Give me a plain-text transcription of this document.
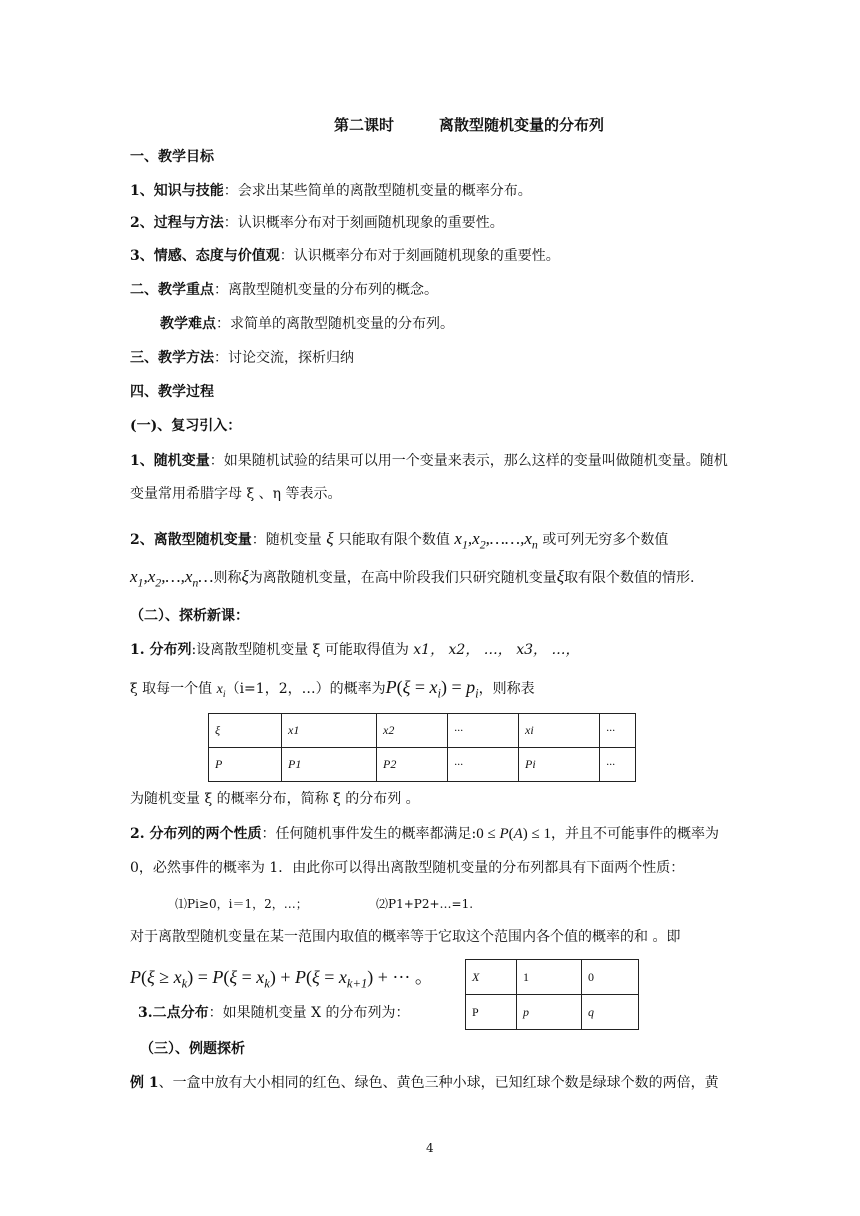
第二课时	离散型随机变量的分布列
一、教学目标
1、知识与技能：会求出某些简单的离散型随机变量的概率分布。
2、过程与方法：认识概率分布对于刻画随机现象的重要性。
3、情感、态度与价值观：认识概率分布对于刻画随机现象的重要性。
二、教学重点：离散型随机变量的分布列的概念。
教学难点：求简单的离散型随机变量的分布列。
三、教学方法：讨论交流，探析归纳
四、教学过程
(一)、复习引入：
1、随机变量：如果随机试验的结果可以用一个变量来表示，那么这样的变量叫做随机变量。随机
变量常用希腊字母 ξ 、η 等表示。
2、离散型随机变量：随机变量 ξ 只能取有限个数值 $x_1,x_2,\dots\dots,x_n$ 或可列无穷多个数值
$x_1,x_2,\dots,x_n\dots$则称ξ为离散随机变量，在高中阶段我们只研究随机变量ξ取有限个数值的情形.
（二）、探析新课：
1. 分布列:设离散型随机变量 ξ 可能取得值为 x1， x2， …， x3， …，
ξ 取每一个值 $x_i(i=1$，2，…）的概率为$P(\xi = x_i) = p_i$，则称表
ξ	x1	x2	···	xi	···
P	P1	P2	···	Pi	···
为随机变量 ξ 的概率分布，简称 ξ 的分布列 。
2. 分布列的两个性质：任何随机事件发生的概率都满足:0 ≤ P(A) ≤ 1，并且不可能事件的概率为
0，必然事件的概率为 1．由此你可以得出离散型随机变量的分布列都具有下面两个性质：
⑴Pi≥0，i＝1，2，…；	⑵P1+P2+…=1.
对于离散型随机变量在某一范围内取值的概率等于它取这个范围内各个值的概率的和 。即
$P(\xi \ge x_k) = P(\xi = x_k) + P(\xi = x_{k+1})$ + ··· 。
3.二点分布：如果随机变量 X 的分布列为：
X	1	0
P	p	q
（三）、例题探析
例 1、一盒中放有大小相同的红色、绿色、黄色三种小球，已知红球个数是绿球个数的两倍，黄
4
